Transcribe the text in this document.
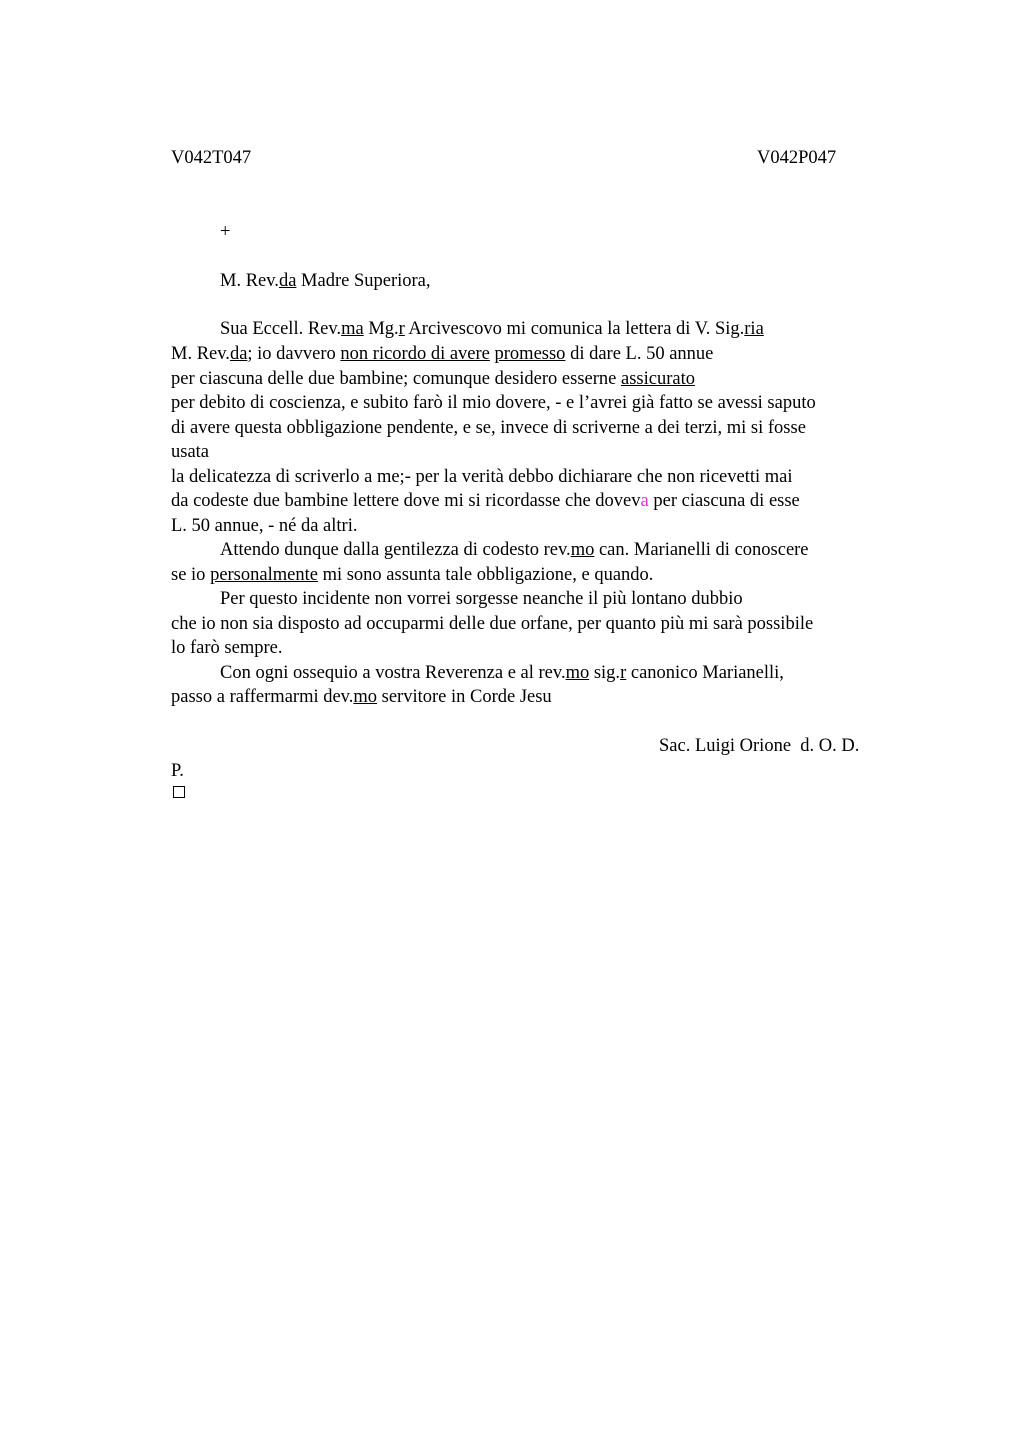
V042T047	V042P047
+
M. Rev.da Madre Superiora,
Sua Eccell. Rev.ma Mg.r Arcivescovo mi comunica la lettera di V. Sig.ria
M. Rev.da; io davvero non ricordo di avere promesso di dare L. 50 annue
per ciascuna delle due bambine; comunque desidero esserne assicurato
per debito di coscienza, e subito farò il mio dovere, - e l’avrei già fatto se avessi saputo
di avere questa obbligazione pendente, e se, invece di scriverne a dei terzi, mi si fosse
usata
la delicatezza di scriverlo a me;- per la verità debbo dichiarare che non ricevetti mai
da codeste due bambine lettere dove mi si ricordasse che doveva per ciascuna di esse
L. 50 annue, - né da altri.
Attendo dunque dalla gentilezza di codesto rev.mo can. Marianelli di conoscere
se io personalmente mi sono assunta tale obbligazione, e quando.
Per questo incidente non vorrei sorgesse neanche il più lontano dubbio
che io non sia disposto ad occuparmi delle due orfane, per quanto più mi sarà possibile
lo farò sempre.
Con ogni ossequio a vostra Reverenza e al rev.mo sig.r canonico Marianelli,
passo a raffermarmi dev.mo servitore in Corde Jesu
Sac. Luigi Orione  d. O. D.
P.
